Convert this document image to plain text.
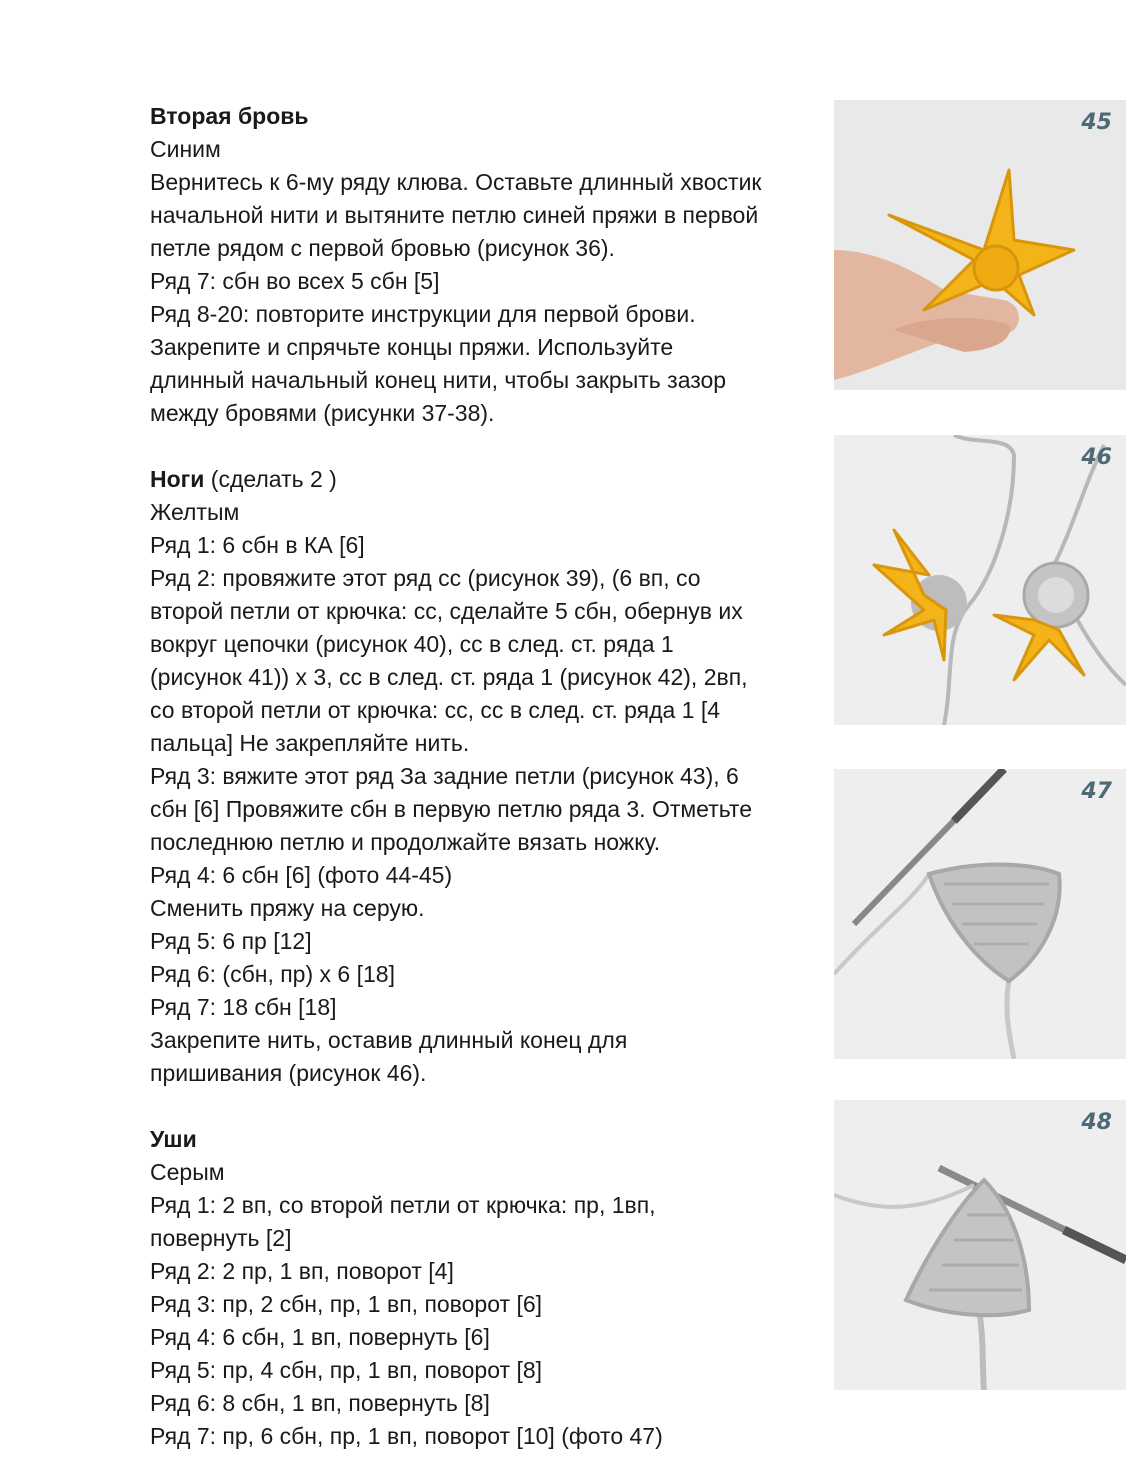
Вторая бровь

Синим

Вернитесь к 6-му ряду клюва. Оставьте длинный хвостик

начальной нити и вытяните петлю синей пряжи в первой

петле рядом с первой бровью (рисунок 36).

Ряд 7: сбн во всех 5 сбн [5]

Ряд 8-20: повторите инструкции для первой брови.

Закрепите и спрячьте концы пряжи. Используйте

длинный начальный конец нити, чтобы закрыть зазор

между бровями (рисунки 37-38).

Ноги (сделать 2 )

Желтым

Ряд 1: 6 сбн в КА [6]

Ряд 2: провяжите этот ряд сс (рисунок 39), (6 вп, со

второй петли от крючка: сс, сделайте 5 сбн, обернув их

вокруг цепочки (рисунок 40), сс в след. ст. ряда 1

(рисунок 41)) х 3, сс в след. ст. ряда 1 (рисунок 42), 2вп,

со второй петли от крючка: сс, сс в след. ст. ряда 1 [4

пальца] Не закрепляйте нить.

Ряд 3: вяжите этот ряд За задние петли (рисунок 43), 6

сбн [6] Провяжите сбн в первую петлю ряда 3. Отметьте

последнюю петлю и продолжайте вязать ножку.

Ряд 4: 6 сбн [6] (фото 44-45)

Сменить пряжу на серую.

Ряд 5: 6 пр [12]

Ряд 6: (сбн, пр) х 6 [18]

Ряд 7: 18 сбн [18]

Закрепите нить, оставив длинный конец для

пришивания (рисунок 46).

Уши

Серым

Ряд 1: 2 вп, со второй петли от крючка: пр, 1вп,

повернуть [2]

Ряд 2: 2 пр, 1 вп, поворот [4]

Ряд 3: пр, 2 сбн, пр, 1 вп, поворот [6]

Ряд 4: 6 сбн, 1 вп, повернуть [6]

Ряд 5: пр, 4 сбн, пр, 1 вп, поворот [8]

Ряд 6: 8 сбн, 1 вп, повернуть [8]

Ряд 7: пр, 6 сбн, пр, 1 вп, поворот [10] (фото 47)

45
46
47
48
